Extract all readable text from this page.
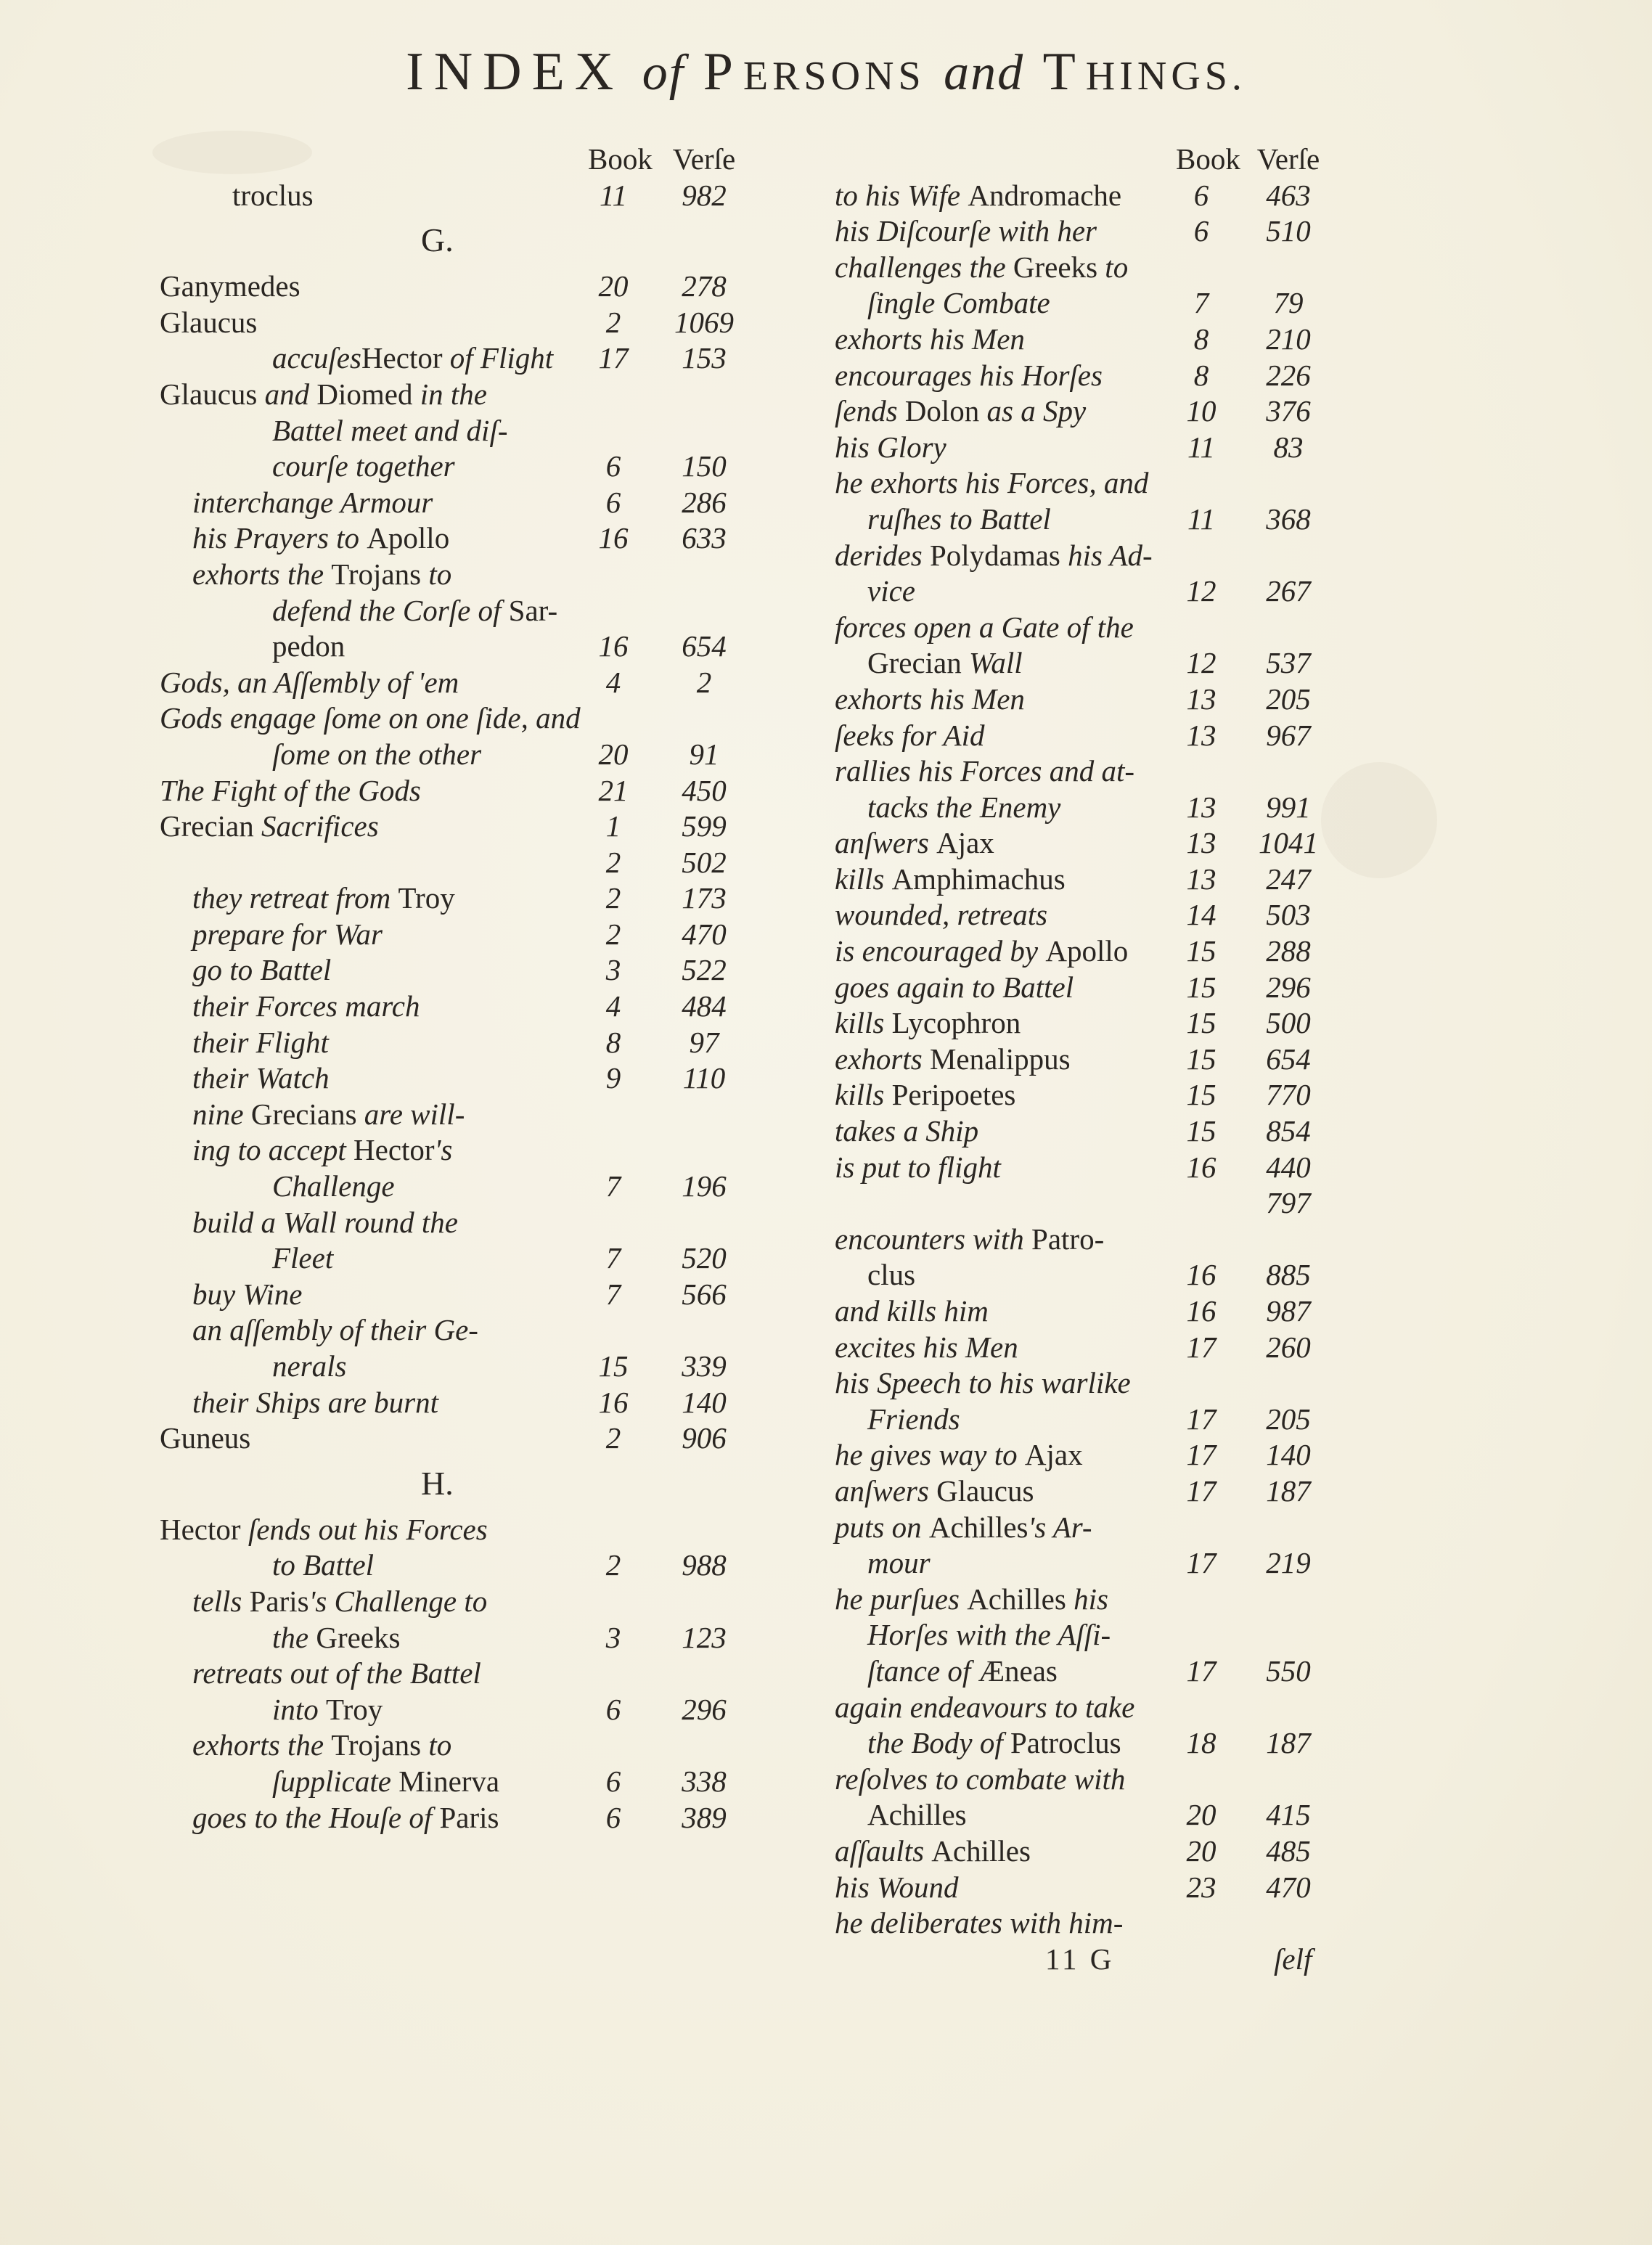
INDEX of PERSONS and THINGS.
Book Verſe
troclus	11	982
G.
Ganymedes	20	278
Glaucus	2	1069
accuſesHector of Flight	17	153
Glaucus and Diomed in the
Battel meet and diſ-
courſe together	6	150
interchange Armour	6	286
his Prayers to Apollo	16	633
exhorts the Trojans to
defend the Corſe of Sar-
pedon	16	654
Gods, an Aſſembly of 'em	4	2
Gods engage ſome on one ſide, and
ſome on the other	20	91
The Fight of the Gods	21	450
Grecian Sacrifices	1	599
2	502
they retreat from Troy	2	173
prepare for War	2	470
go to Battel	3	522
their Forces march	4	484
their Flight	8	97
their Watch	9	110
nine Grecians are will-
ing to accept Hector's
Challenge	7	196
build a Wall round the
Fleet	7	520
buy Wine	7	566
an aſſembly of their Ge-
nerals	15	339
their Ships are burnt	16	140
Guneus	2	906
H.
Hector ſends out his Forces
to Battel	2	988
tells Paris's Challenge to
the Greeks	3	123
retreats out of the Battel
into Troy	6	296
exhorts the Trojans to
ſupplicate Minerva	6	338
goes to the Houſe of Paris	6	389
Book Verſe
to his Wife Andromache	6	463
his Diſcourſe with her	6	510
challenges the Greeks to
ſingle Combate	7	79
exhorts his Men	8	210
encourages his Horſes	8	226
ſends Dolon as a Spy	10	376
his Glory	11	83
he exhorts his Forces, and
ruſhes to Battel	11	368
derides Polydamas his Ad-
vice	12	267
forces open a Gate of the
Grecian Wall	12	537
exhorts his Men	13	205
ſeeks for Aid	13	967
rallies his Forces and at-
tacks the Enemy	13	991
anſwers Ajax	13	1041
kills Amphimachus	13	247
wounded, retreats	14	503
is encouraged by Apollo	15	288
goes again to Battel	15	296
kills Lycophron	15	500
exhorts Menalippus	15	654
kills Peripoetes	15	770
takes a Ship	15	854
is put to flight	16	440
797
encounters with Patro-
clus	16	885
and kills him	16	987
excites his Men	17	260
his Speech to his warlike
Friends	17	205
he gives way to Ajax	17	140
anſwers Glaucus	17	187
puts on Achilles's Ar-
mour	17	219
he purſues Achilles his
Horſes with the Aſſi-
ſtance of Æneas	17	550
again endeavours to take
the Body of Patroclus	18	187
reſolves to combate with
Achilles	20	415
aſſaults Achilles	20	485
his Wound	23	470
he deliberates with him-
11 G	ſelf
